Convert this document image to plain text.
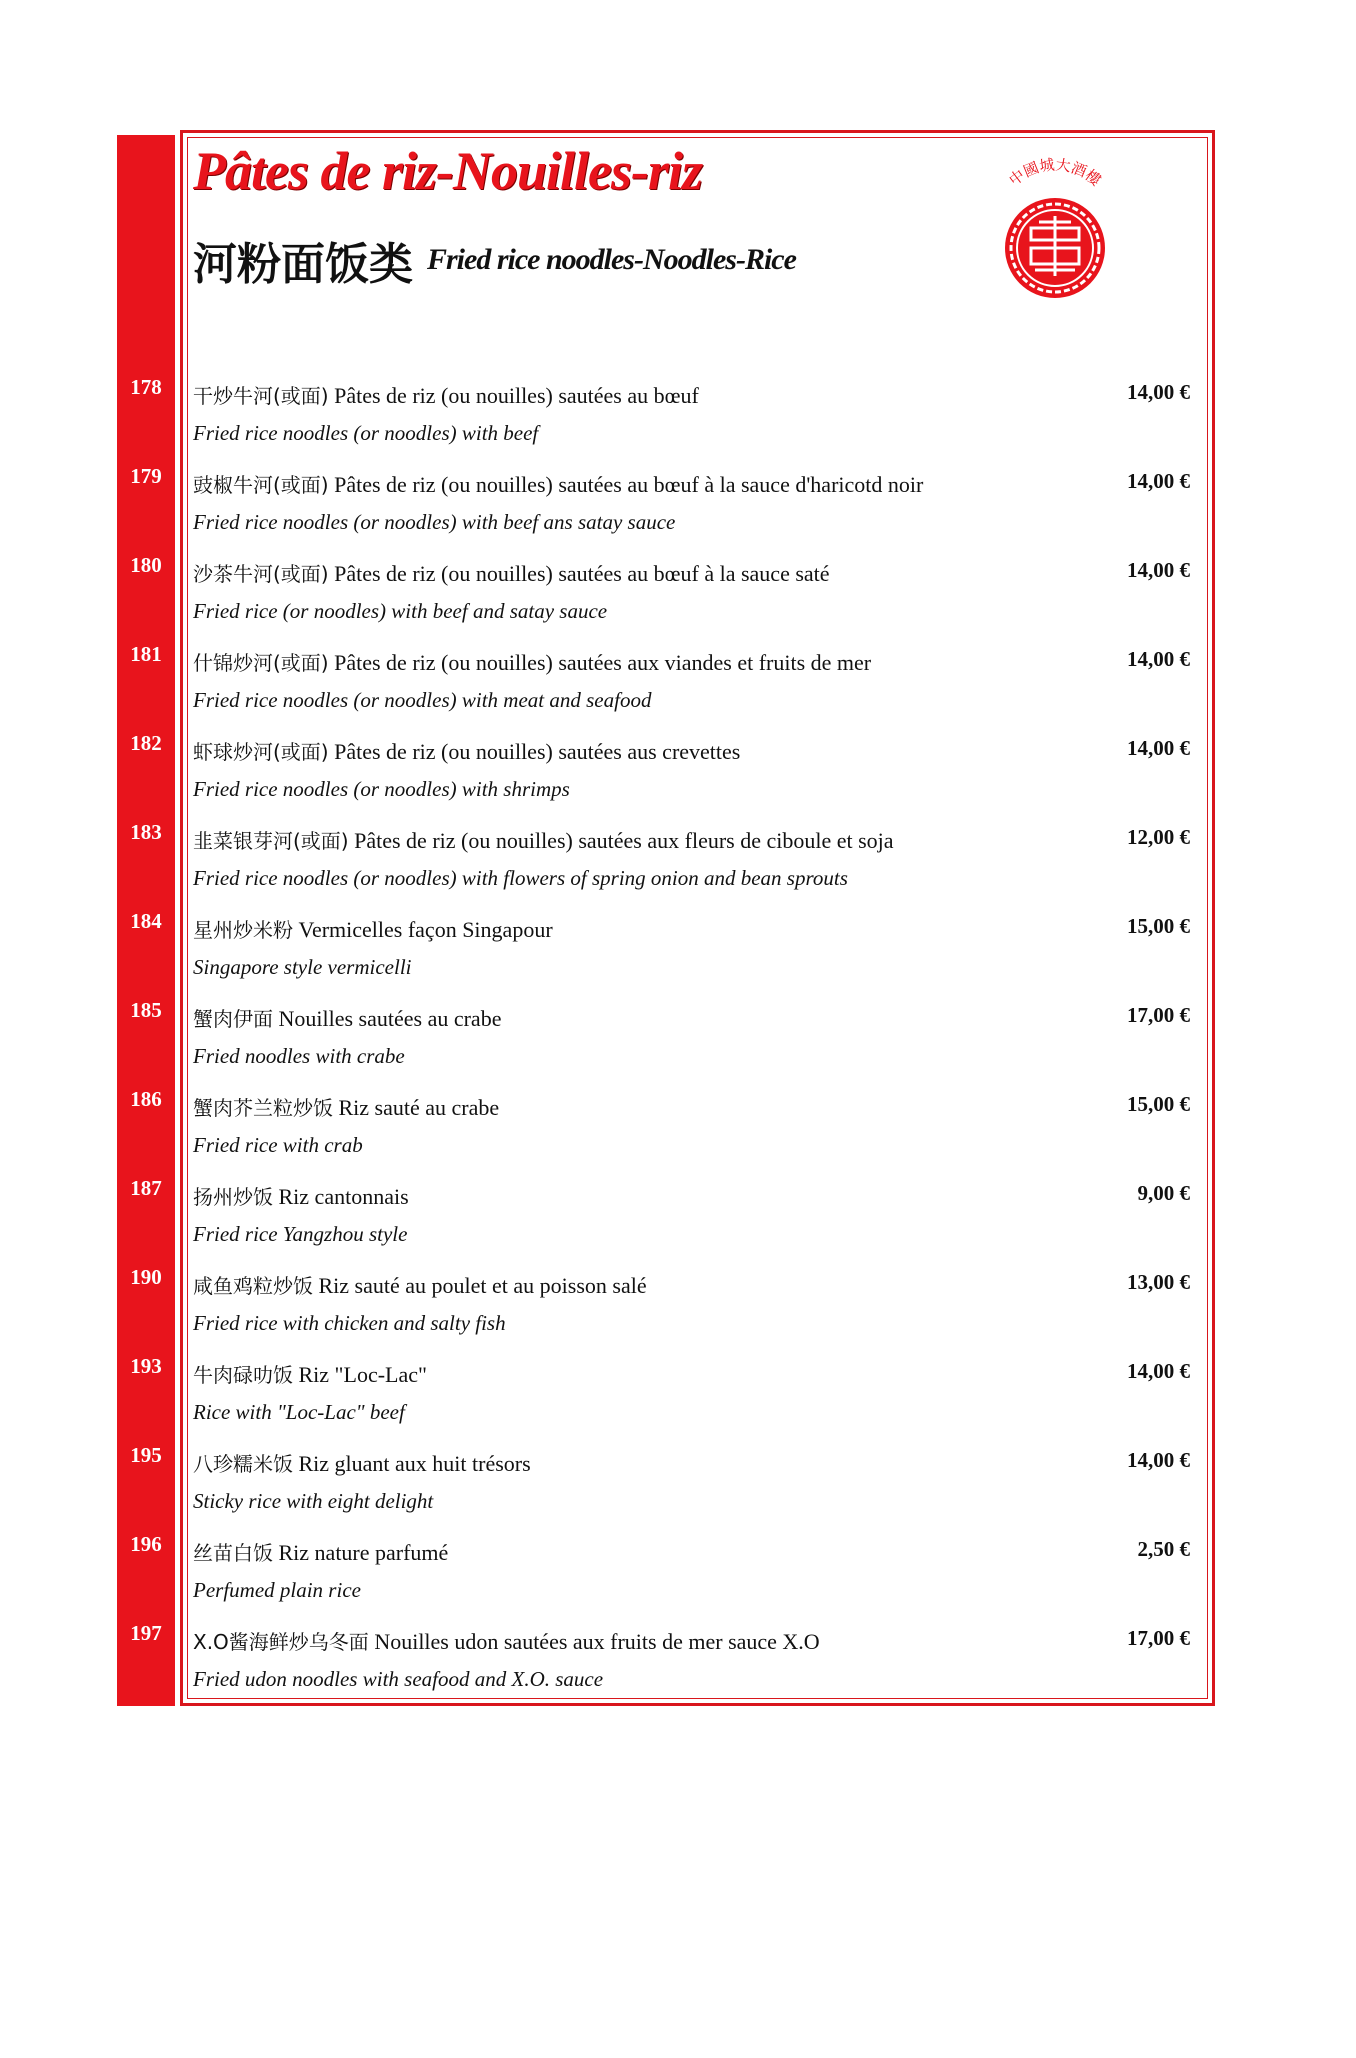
178
179
180
181
182
183
184
185
186
187
190
193
195
196
197
Pâtes de riz-Nouilles-riz
河粉面饭类 Fried rice noodles-Noodles-Rice
中國城大酒樓
干炒牛河(或面) Pâtes de riz (ou nouilles) sautées au bœuf
Fried rice noodles (or noodles) with beef
14,00 €
豉椒牛河(或面) Pâtes de riz (ou nouilles) sautées au bœuf à la sauce d'haricotd noir
Fried rice noodles (or noodles) with beef ans satay sauce
14,00 €
沙茶牛河(或面) Pâtes de riz (ou nouilles) sautées au bœuf à la sauce saté
Fried rice (or noodles) with beef and satay sauce
14,00 €
什锦炒河(或面) Pâtes de riz (ou nouilles) sautées aux viandes et fruits de mer
Fried rice noodles (or noodles) with meat and seafood
14,00 €
虾球炒河(或面) Pâtes de riz (ou nouilles) sautées aus crevettes
Fried rice noodles (or noodles) with shrimps
14,00 €
韭菜银芽河(或面) Pâtes de riz (ou nouilles) sautées aux fleurs de ciboule et soja
Fried rice noodles (or noodles) with flowers of spring onion and bean sprouts
12,00 €
星州炒米粉 Vermicelles façon Singapour
Singapore style vermicelli
15,00 €
蟹肉伊面 Nouilles sautées au crabe
Fried noodles with crabe
17,00 €
蟹肉芥兰粒炒饭 Riz sauté au crabe
Fried rice with crab
15,00 €
扬州炒饭 Riz cantonnais
Fried rice Yangzhou style
9,00 €
咸鱼鸡粒炒饭 Riz sauté au poulet et au poisson salé
Fried rice with chicken and salty fish
13,00 €
牛肉碌叻饭 Riz "Loc-Lac"
Rice with "Loc-Lac" beef
14,00 €
八珍糯米饭 Riz gluant aux huit trésors
Sticky rice with eight delight
14,00 €
丝苗白饭 Riz nature parfumé
Perfumed plain rice
2,50 €
X.O酱海鲜炒乌冬面 Nouilles udon sautées aux fruits de mer sauce X.O
Fried udon noodles with seafood and X.O. sauce
17,00 €
